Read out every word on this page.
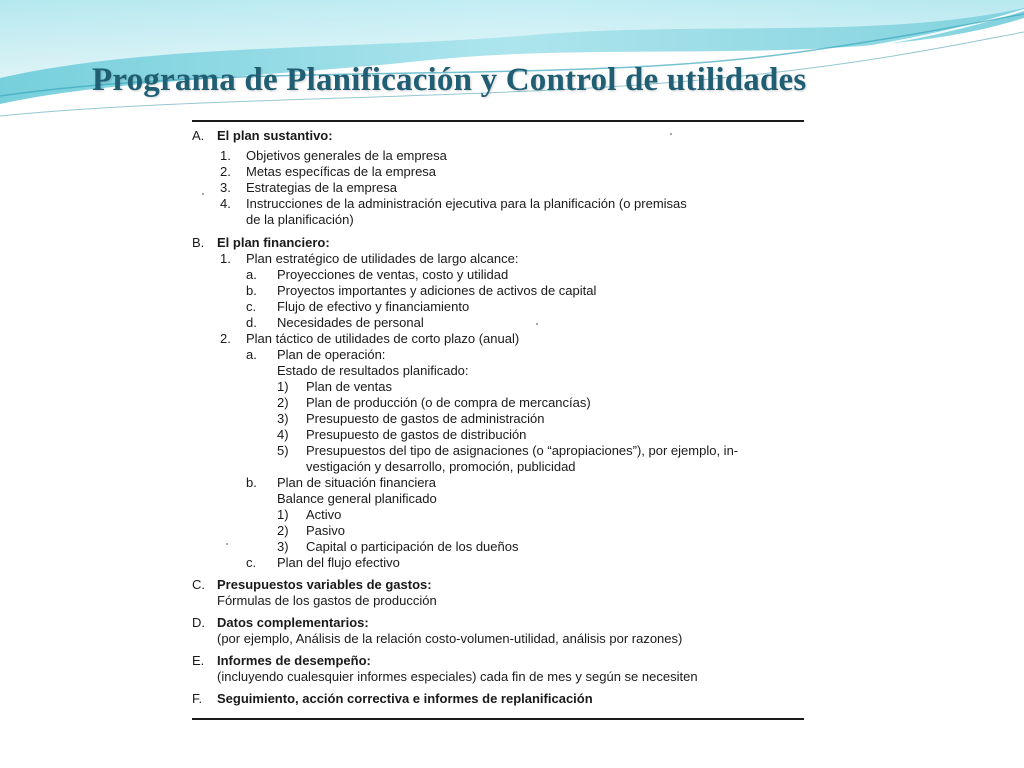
Programa de Planificación y Control de utilidades
A. El plan sustantivo:
1. Objetivos generales de la empresa
2. Metas específicas de la empresa
3. Estrategias de la empresa
4. Instrucciones de la administración ejecutiva para la planificación (o premisas
de la planificación)
B. El plan financiero:
1. Plan estratégico de utilidades de largo alcance:
a. Proyecciones de ventas, costo y utilidad
b. Proyectos importantes y adiciones de activos de capital
c. Flujo de efectivo y financiamiento
d. Necesidades de personal
2. Plan táctico de utilidades de corto plazo (anual)
a. Plan de operación:
Estado de resultados planificado:
1) Plan de ventas
2) Plan de producción (o de compra de mercancías)
3) Presupuesto de gastos de administración
4) Presupuesto de gastos de distribución
5) Presupuestos del tipo de asignaciones (o “apropiaciones”), por ejemplo, in-
vestigación y desarrollo, promoción, publicidad
b. Plan de situación financiera
Balance general planificado
1) Activo
2) Pasivo
3) Capital o participación de los dueños
c. Plan del flujo efectivo
C. Presupuestos variables de gastos:
Fórmulas de los gastos de producción
D. Datos complementarios:
(por ejemplo, Análisis de la relación costo-volumen-utilidad, análisis por razones)
E. Informes de desempeño:
(incluyendo cualesquier informes especiales) cada fin de mes y según se necesiten
F. Seguimiento, acción correctiva e informes de replanificación
